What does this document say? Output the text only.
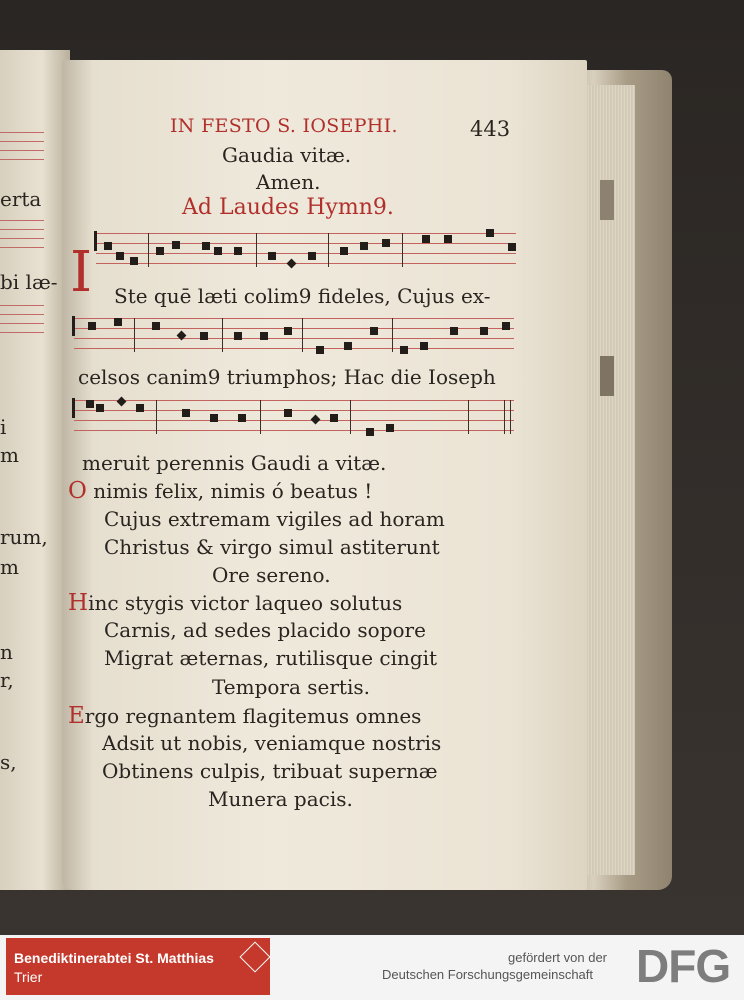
erta
bi læ-
i
m
rum,
m
n
r,
s,
IN FESTO S. IOSEPHI.	443
Gaudia vitæ.
Amen.
Ad Laudes Hymn9.
I Ste quē læti colim9 fideles, Cujus ex-
celsos canim9 triumphos; Hac die Ioseph
meruit perennis Gaudi a vitæ.
O nimis felix, nimis ó beatus !
Cujus extremam vigiles ad horam
Christus & virgo simul astiterunt
Ore sereno.
Hinc stygis victor laqueo solutus
Carnis, ad sedes placido sopore
Migrat æternas, rutilisque cingit
Tempora sertis.
Ergo regnantem flagitemus omnes
Adsit ut nobis, veniamque nostris
Obtinens culpis, tribuat supernæ
Munera pacis.
Benediktinerabtei St. Matthias
Trier
gefördert von der
Deutschen Forschungsgemeinschaft DFG
